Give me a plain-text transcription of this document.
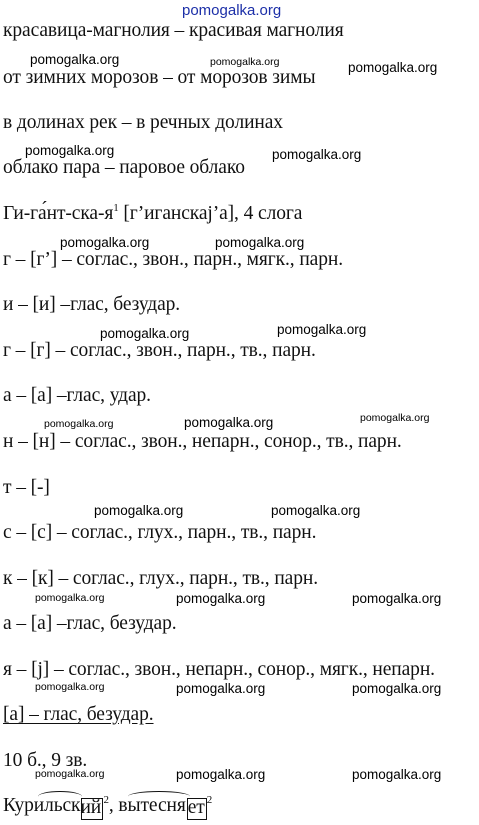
pomogalka.org
pomogalka.org	pomogalka.org	pomogalka.org
pomogalka.org	pomogalka.org
pomogalka.org	pomogalka.org
pomogalka.org	pomogalka.org
pomogalka.org	pomogalka.org	pomogalka.org
pomogalka.org	pomogalka.org
pomogalka.org	pomogalka.org	pomogalka.org
pomogalka.org	pomogalka.org	pomogalka.org
pomogalka.org	pomogalka.org	pomogalka.org
красавица-магнолия – красивая магнолия
от зимних морозов – от морозов зимы
в долинах рек – в речных долинах
облако пара – паровое облако
$Ги-га́нт-ска-я^1$ [г’иганскаj’а], 4 слога
г – [г’] – соглас., звон., парн., мягк., парн.
и – [и] –глас, безудар.
г – [г] – соглас., звон., парн., тв., парн.
а – [а] –глас, удар.
н – [н] – соглас., звон., непарн., сонор., тв., парн.
т – [-]
с – [с] – соглас., глух., парн., тв., парн.
к – [к] – соглас., глух., парн., тв., парн.
а – [а] –глас, безудар.
я – [j] – соглас., звон., непарн., сонор., мягк., непарн.
[а] – глас, безудар.
10 б., 9 зв.
Курильский $^2$, вытесня ет $^2$
